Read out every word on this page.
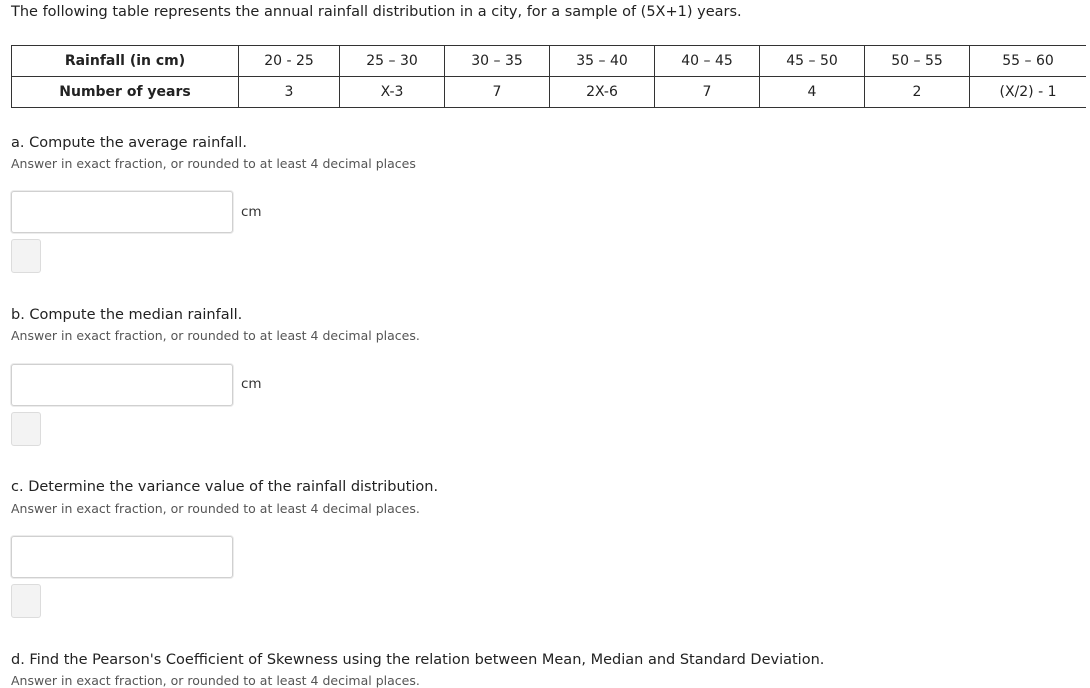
The following table represents the annual rainfall distribution in a city, for a sample of (5X+1) years.
Rainfall (in cm)	20 - 25	25 – 30	30 – 35	35 – 40	40 – 45	45 – 50	50 – 55	55 – 60
Number of years	3	X-3	7	2X-6	7	4	2	(X/2) - 1
a. Compute the average rainfall.
Answer in exact fraction, or rounded to at least 4 decimal places
cm
b. Compute the median rainfall.
Answer in exact fraction, or rounded to at least 4 decimal places.
cm
c. Determine the variance value of the rainfall distribution.
Answer in exact fraction, or rounded to at least 4 decimal places.
d. Find the Pearson's Coefficient of Skewness using the relation between Mean, Median and Standard Deviation.
Answer in exact fraction, or rounded to at least 4 decimal places.
